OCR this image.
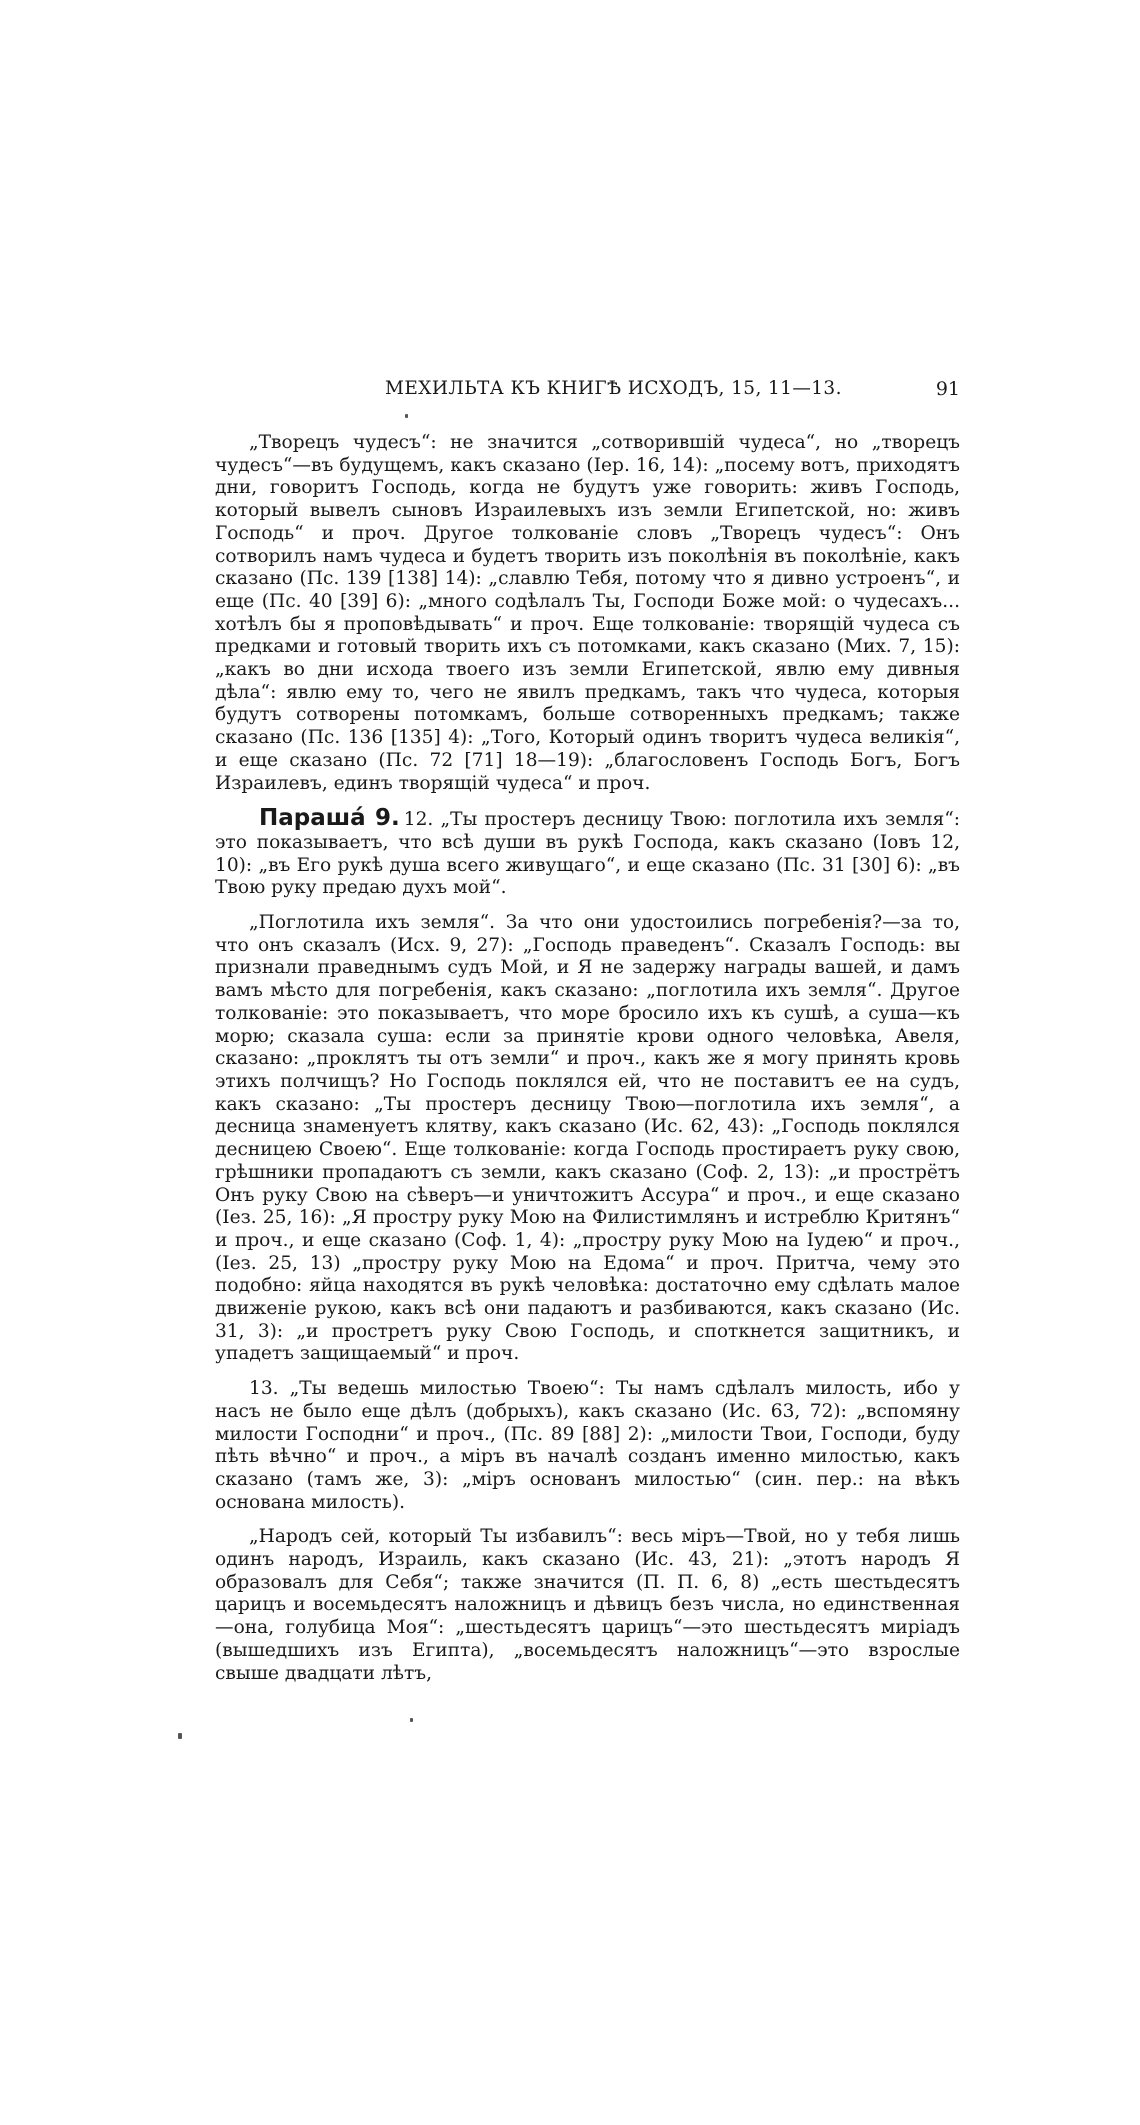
МЕХИЛЬТА КЪ КНИГѢ ИСХОДЪ, 15, 11—13.	91

„Творецъ чудесъ“: не значится „сотворившій чудеса“, но „творецъ чудесъ“—въ будущемъ, какъ сказано (Іер. 16, 14): „посему вотъ, приходятъ дни, говоритъ Господь, когда не будутъ уже говорить: живъ Господь, который вывелъ сыновъ Израилевыхъ изъ земли Египетской, но: живъ Господь“ и проч. Другое толкованіе словъ „Творецъ чудесъ“: Онъ сотворилъ намъ чудеса и будетъ творить изъ поколѣнія въ поколѣніе, какъ сказано (Пс. 139 [138] 14): „славлю Тебя, потому что я дивно устроенъ“, и еще (Пс. 40 [39] 6): „много содѣлалъ Ты, Господи Боже мой: о чудесахъ... хотѣлъ бы я проповѣдывать“ и проч. Еще толкованіе: творящій чудеса съ предками и готовый творить ихъ съ потомками, какъ сказано (Мих. 7, 15): „какъ во дни исхода твоего изъ земли Египетской, явлю ему дивныя дѣла“: явлю ему то, чего не явилъ предкамъ, такъ что чудеса, которыя будутъ сотворены потомкамъ, больше сотворенныхъ предкамъ; также сказано (Пс. 136 [135] 4): „Того, Который одинъ творитъ чудеса великія“, и еще сказано (Пс. 72 [71] 18—19): „благословенъ Господь Богъ, Богъ Израилевъ, единъ творящій чудеса“ и проч.

Параша́ 9. 12. „Ты простеръ десницу Твою: поглотила ихъ земля“: это показываетъ, что всѣ души въ рукѣ Господа, какъ сказано (Іовъ 12, 10): „въ Его рукѣ душа всего живущаго“, и еще сказано (Пс. 31 [30] 6): „въ Твою руку предаю духъ мой“.

„Поглотила ихъ земля“. За что они удостоились погребенія?—за то, что онъ сказалъ (Исх. 9, 27): „Господь праведенъ“. Сказалъ Господь: вы признали праведнымъ судъ Мой, и Я не задержу награды вашей, и дамъ вамъ мѣсто для погребенія, какъ сказано: „поглотила ихъ земля“. Другое толкованіе: это показываетъ, что море бросило ихъ къ сушѣ, а суша—къ морю; сказала суша: если за принятіе крови одного человѣка, Авеля, сказано: „проклятъ ты отъ земли“ и проч., какъ же я могу принять кровь этихъ полчищъ? Но Господь поклялся ей, что не поставитъ ее на судъ, какъ сказано: „Ты простеръ десницу Твою—поглотила ихъ земля“, а десница знаменуетъ клятву, какъ сказано (Ис. 62, 43): „Господь поклялся десницею Своею“. Еще толкованіе: когда Господь простираетъ руку свою, грѣшники пропадаютъ съ земли, какъ сказано (Соф. 2, 13): „и прострётъ Онъ руку Свою на сѣверъ—и уничтожитъ Ассура“ и проч., и еще сказано (Іез. 25, 16): „Я простру руку Мою на Филистимлянъ и истреблю Критянъ“ и проч., и еще сказано (Соф. 1, 4): „простру руку Мою на Іудею“ и проч., (Іез. 25, 13) „простру руку Мою на Едома“ и проч. Притча, чему это подобно: яйца находятся въ рукѣ человѣка: достаточно ему сдѣлать малое движеніе рукою, какъ всѣ они падаютъ и разбиваются, какъ сказано (Ис. 31, 3): „и простретъ руку Свою Господь, и споткнется защитникъ, и упадетъ защищаемый“ и проч.

13. „Ты ведешь милостью Твоею“: Ты намъ сдѣлалъ милость, ибо у насъ не было еще дѣлъ (добрыхъ), какъ сказано (Ис. 63, 72): „вспомяну милости Господни“ и проч., (Пс. 89 [88] 2): „милости Твои, Господи, буду пѣть вѣчно“ и проч., а міръ въ началѣ созданъ именно милостью, какъ сказано (тамъ же, 3): „міръ основанъ милостью“ (син. пер.: на вѣкъ основана милость).

„Народъ сей, который Ты избавилъ“: весь міръ—Твой, но у тебя лишь одинъ народъ, Израиль, какъ сказано (Ис. 43, 21): „этотъ народъ Я образовалъ для Себя“; также значится (П. П. 6, 8) „есть шестьдесятъ царицъ и восемьдесятъ наложницъ и дѣвицъ безъ числа, но единственная—она, голубица Моя“: „шестьдесятъ царицъ“—это шестьдесятъ миріадъ (вышедшихъ изъ Египта), „восемьдесятъ наложницъ“—это взрослые свыше двадцати лѣтъ,
